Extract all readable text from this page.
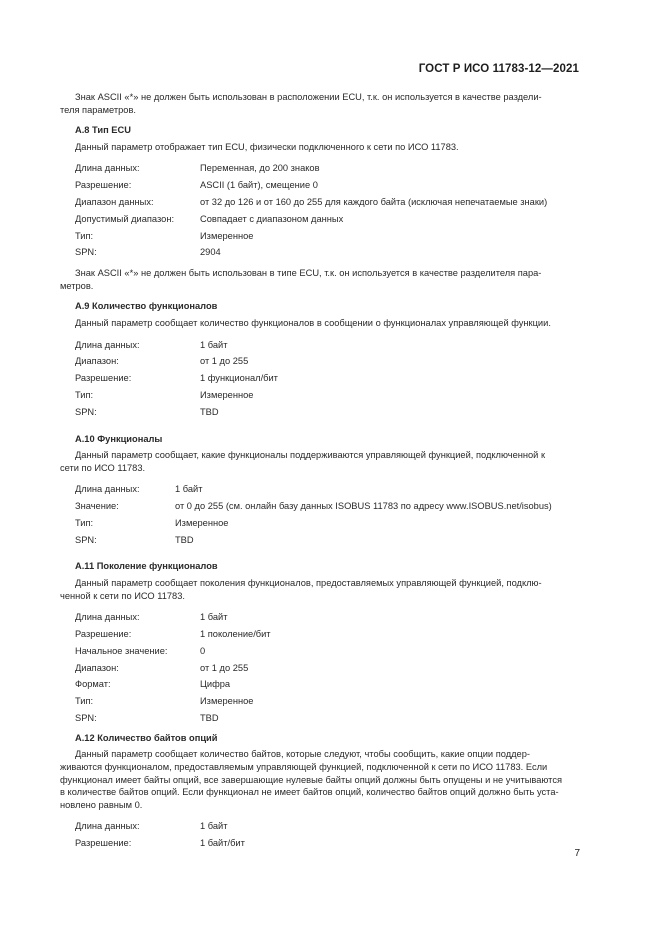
ГОСТ Р ИСО 11783-12—2021

Знак ASCII «*» не должен быть использован в расположении ECU, т.к. он используется в качестве раздели-

теля параметров.

А.8 Тип ECU

Данный параметр отображает тип ECU, физически подключенного к сети по ИСО 11783.

Длина данных:	Переменная, до 200 знаков
Разрешение:	ASCII (1 байт), смещение 0
Диапазон данных:	от 32 до 126 и от 160 до 255 для каждого байта (исключая непечатаемые знаки)
Допустимый диапазон:	Совпадает с диапазоном данных
Тип:	Измеренное
SPN:	2904

Знак ASCII «*» не должен быть использован в типе ECU, т.к. он используется в качестве разделителя пара-

метров.

А.9 Количество функционалов

Данный параметр сообщает количество функционалов в сообщении о функционалах управляющей функции.

Длина данных:	1 байт
Диапазон:	от 1 до 255
Разрешение:	1 функционал/бит
Тип:	Измеренное
SPN:	TBD

А.10 Функционалы

Данный параметр сообщает, какие функционалы поддерживаются управляющей функцией, подключенной к

сети по ИСО 11783.

Длина данных:	1 байт
Значение:	от 0 до 255 (см. онлайн базу данных ISOBUS 11783 по адресу www.ISOBUS.net/isobus)
Тип:	Измеренное
SPN:	TBD

А.11 Поколение функционалов

Данный параметр сообщает поколения функционалов, предоставляемых управляющей функцией, подклю-

ченной к сети по ИСО 11783.

Длина данных:	1 байт
Разрешение:	1 поколение/бит
Начальное значение:	0
Диапазон:	от 1 до 255
Формат:	Цифра
Тип:	Измеренное
SPN:	TBD

А.12 Количество байтов опций

Данный параметр сообщает количество байтов, которые следуют, чтобы сообщить, какие опции поддер-

живаются функционалом, предоставляемым управляющей функцией, подключенной к сети по ИСО 11783. Если

функционал имеет байты опций, все завершающие нулевые байты опций должны быть опущены и не учитываются

в количестве байтов опций. Если функционал не имеет байтов опций, количество байтов опций должно быть уста-

новлено равным 0.

Длина данных:	1 байт
Разрешение:	1 байт/бит
7
